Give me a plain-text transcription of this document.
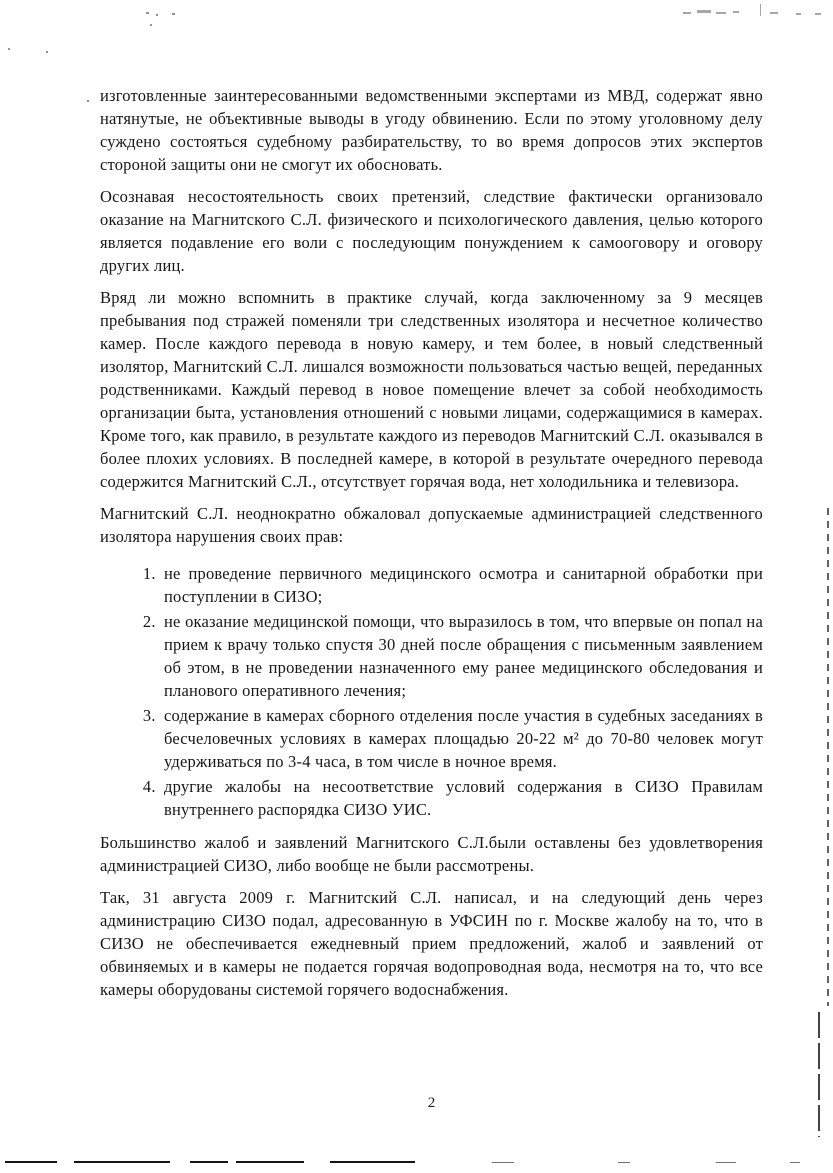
изготовленные заинтересованными ведомственными экспертами из МВД, содержат явно натянутые, не объективные выводы в угоду обвинению. Если по этому уголовному делу суждено состояться судебному разбирательству, то во время допросов этих экспертов стороной защиты они не смогут их обосновать.

Осознавая несостоятельность своих претензий, следствие фактически организовало оказание на Магнитского С.Л. физического и психологического давления, целью которого является подавление его воли с последующим понуждением к самооговору и оговору других лиц.

Вряд ли можно вспомнить в практике случай, когда заключенному за 9 месяцев пребывания под стражей поменяли три следственных изолятора и несчетное количество камер. После каждого перевода в новую камеру, и тем более, в новый следственный изолятор, Магнитский С.Л. лишался возможности пользоваться частью вещей, переданных родственниками. Каждый перевод в новое помещение влечет за собой необходимость организации быта, установления отношений с новыми лицами, содержащимися в камерах. Кроме того, как правило, в результате каждого из переводов Магнитский С.Л. оказывался в более плохих условиях. В последней камере, в которой в результате очередного перевода содержится Магнитский С.Л., отсутствует горячая вода, нет холодильника и телевизора.

Магнитский С.Л. неоднократно обжаловал допускаемые администрацией следственного изолятора нарушения своих прав:

1. не проведение первичного медицинского осмотра и санитарной обработки при поступлении в СИЗО;
2. не оказание медицинской помощи, что выразилось в том, что впервые он попал на прием к врачу только спустя 30 дней после обращения с письменным заявлением об этом, в не проведении назначенного ему ранее медицинского обследования и планового оперативного лечения;
3. содержание в камерах сборного отделения после участия в судебных заседаниях в бесчеловечных условиях в камерах площадью 20-22 м² до 70-80 человек могут удерживаться по 3-4 часа, в том числе в ночное время.
4. другие жалобы на несоответствие условий содержания в СИЗО Правилам внутреннего распорядка СИЗО УИС.

Большинство жалоб и заявлений Магнитского С.Л.были оставлены без удовлетворения администрацией СИЗО, либо вообще не были рассмотрены.

Так, 31 августа 2009 г. Магнитский С.Л. написал, и на следующий день через администрацию СИЗО подал, адресованную в УФСИН по г. Москве жалобу на то, что в СИЗО не обеспечивается ежедневный прием предложений, жалоб и заявлений от обвиняемых и в камеры не подается горячая водопроводная вода, несмотря на то, что все камеры оборудованы системой горячего водоснабжения.

2
